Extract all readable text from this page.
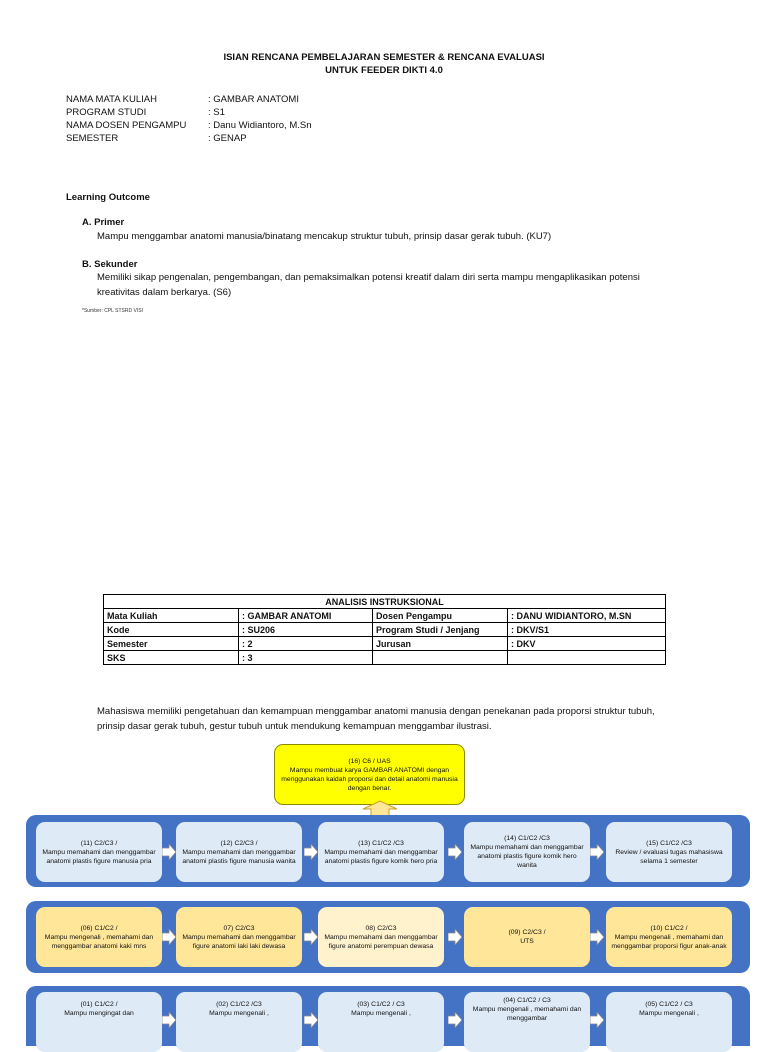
ISIAN RENCANA PEMBELAJARAN SEMESTER & RENCANA EVALUASI
UNTUK FEEDER DIKTI 4.0
NAMA MATA KULIAH	: GAMBAR ANATOMI
PROGRAM STUDI	: S1
NAMA DOSEN PENGAMPU : Danu Widiantoro, M.Sn
SEMESTER	: GENAP
Learning Outcome
A. Primer
Mampu menggambar anatomi manusia/binatang mencakup struktur tubuh, prinsip dasar gerak tubuh. (KU7)
B. Sekunder
Memiliki sikap pengenalan, pengembangan, dan pemaksimalkan potensi kreatif dalam diri serta mampu mengaplikasikan potensi
kreativitas dalam berkarya. (S6)
*Sumber: CPL STSRD VISI
ANALISIS INSTRUKSIONAL			
Mata Kuliah	: GAMBAR ANATOMI	Dosen Pengampu	: DANU WIDIANTORO, M.SN
Kode	: SU206	Program Studi / Jenjang	: DKV/S1
Semester	: 2	Jurusan	: DKV
SKS	: 3		
Mahasiswa memiliki pengetahuan dan kemampuan menggambar anatomi manusia dengan penekanan pada proporsi struktur tubuh,
prinsip dasar gerak tubuh, gestur tubuh untuk mendukung kemampuan menggambar ilustrasi.
(16) C6 / UAS
Mampu membuat karya GAMBAR ANATOMI dengan menggunakan kaidah proporsi dan detail anatomi manusia dengan benar.
(11) C2/C3 /
Mampu memahami dan menggambar anatomi plastis figure manusia pria
(12) C2/C3 /
Mampu memahami dan menggambar anatomi plastis figure manusia wanita
(13) C1/C2 /C3
Mampu memahami dan menggambar anatomi plastis figure komik hero pria
(14) C1/C2 /C3
Mampu memahami dan menggambar anatomi plastis figure komik hero wanita
(15) C1/C2 /C3
Review / evaluasi tugas mahasiswa selama 1 semester
(06) C1/C2 /
Mampu mengenali , memahami dan menggambar anatomi kaki mns
07) C2/C3
Mampu memahami dan menggambar figure anatomi laki laki dewasa
08) C2/C3
Mampu memahami dan menggambar figure anatomi perempuan dewasa
(09) C2/C3 /
UTS
(10) C1/C2 /
Mampu mengenali , memahami dan menggambar proporsi figur anak-anak
(01) C1/C2 /
Mampu mengingat dan
(02) C1/C2 /C3
Mampu mengenali ,
(03) C1/C2 / C3
Mampu mengenali ,
(04) C1/C2 / C3
Mampu mengenali , memahami dan menggambar
(05) C1/C2 / C3
Mampu mengenali ,
